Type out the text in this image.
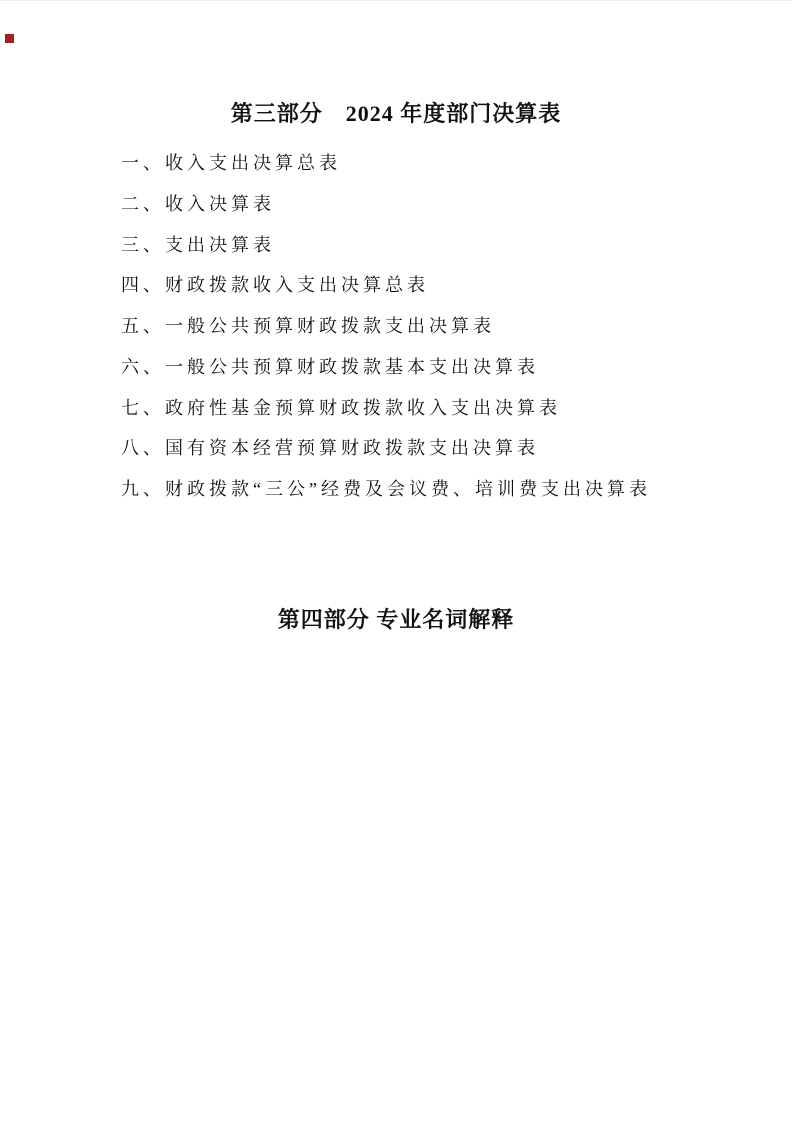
第三部分　2024 年度部门决算表
一、收入支出决算总表
二、收入决算表
三、支出决算表
四、财政拨款收入支出决算总表
五、一般公共预算财政拨款支出决算表
六、一般公共预算财政拨款基本支出决算表
七、政府性基金预算财政拨款收入支出决算表
八、国有资本经营预算财政拨款支出决算表
九、财政拨款“三公”经费及会议费、培训费支出决算表
第四部分 专业名词解释
